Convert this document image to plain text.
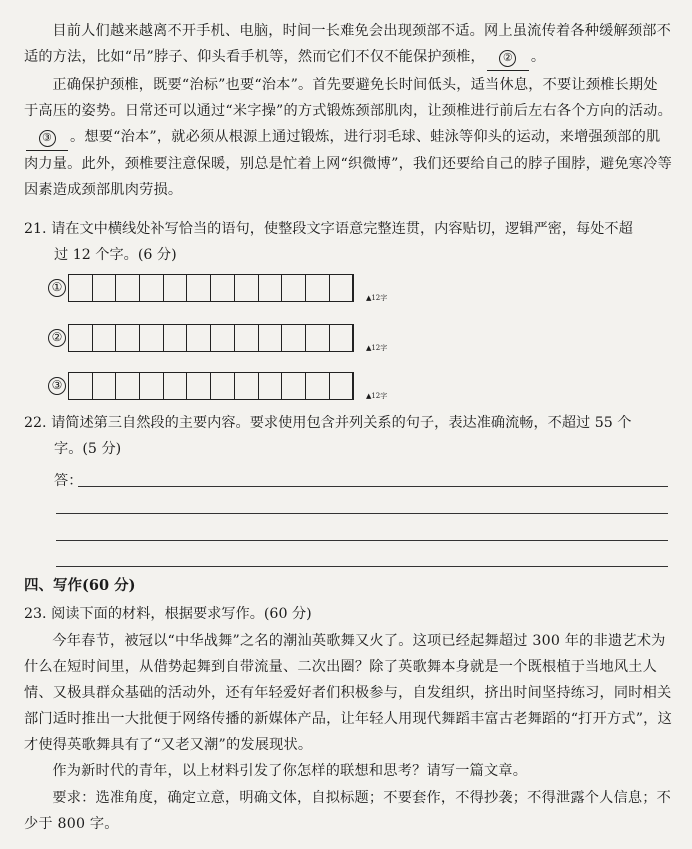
目前人们越来越离不开手机、电脑，时间一长难免会出现颈部不适。网上虽流传着各种缓解颈部不适的方法，比如“吊”脖子、仰头看手机等，然而它们不仅不能保护颈椎， ② 。
正确保护颈椎，既要“治标”也要“治本”。首先要避免长时间低头，适当休息，不要让颈椎长期处于高压的姿势。日常还可以通过“米字操”的方式锻炼颈部肌肉，让颈椎进行前后左右各个方向的活动。③ 。想要“治本”，就必须从根源上通过锻炼，进行羽毛球、蛙泳等仰头的运动，来增强颈部的肌肉力量。此外，颈椎要注意保暖，别总是忙着上网“织微博”，我们还要给自己的脖子围脖，避免寒冷等因素造成颈部肌肉劳损。
21. 请在文中横线处补写恰当的语句，使整段文字语意完整连贯，内容贴切，逻辑严密，每处不超
过 12 个字。(6 分)
①
▲12字
②
▲12字
③
▲12字
22. 请简述第三自然段的主要内容。要求使用包含并列关系的句子，表达准确流畅，不超过 55 个
字。(5 分)
答：
四、写作(60 分)
23. 阅读下面的材料，根据要求写作。(60 分)
今年春节，被冠以“中华战舞”之名的潮汕英歌舞又火了。这项已经起舞超过 300 年的非遗艺术为什么在短时间里，从借势起舞到自带流量、二次出圈？除了英歌舞本身就是一个既根植于当地风土人情、又极具群众基础的活动外，还有年轻爱好者们积极参与，自发组织，挤出时间坚持练习，同时相关部门适时推出一大批便于网络传播的新媒体产品，让年轻人用现代舞蹈丰富古老舞蹈的“打开方式”，这才使得英歌舞具有了“又老又潮”的发展现状。
作为新时代的青年，以上材料引发了你怎样的联想和思考？请写一篇文章。
要求：选准角度，确定立意，明确文体，自拟标题；不要套作，不得抄袭；不得泄露个人信息；不少于 800 字。
